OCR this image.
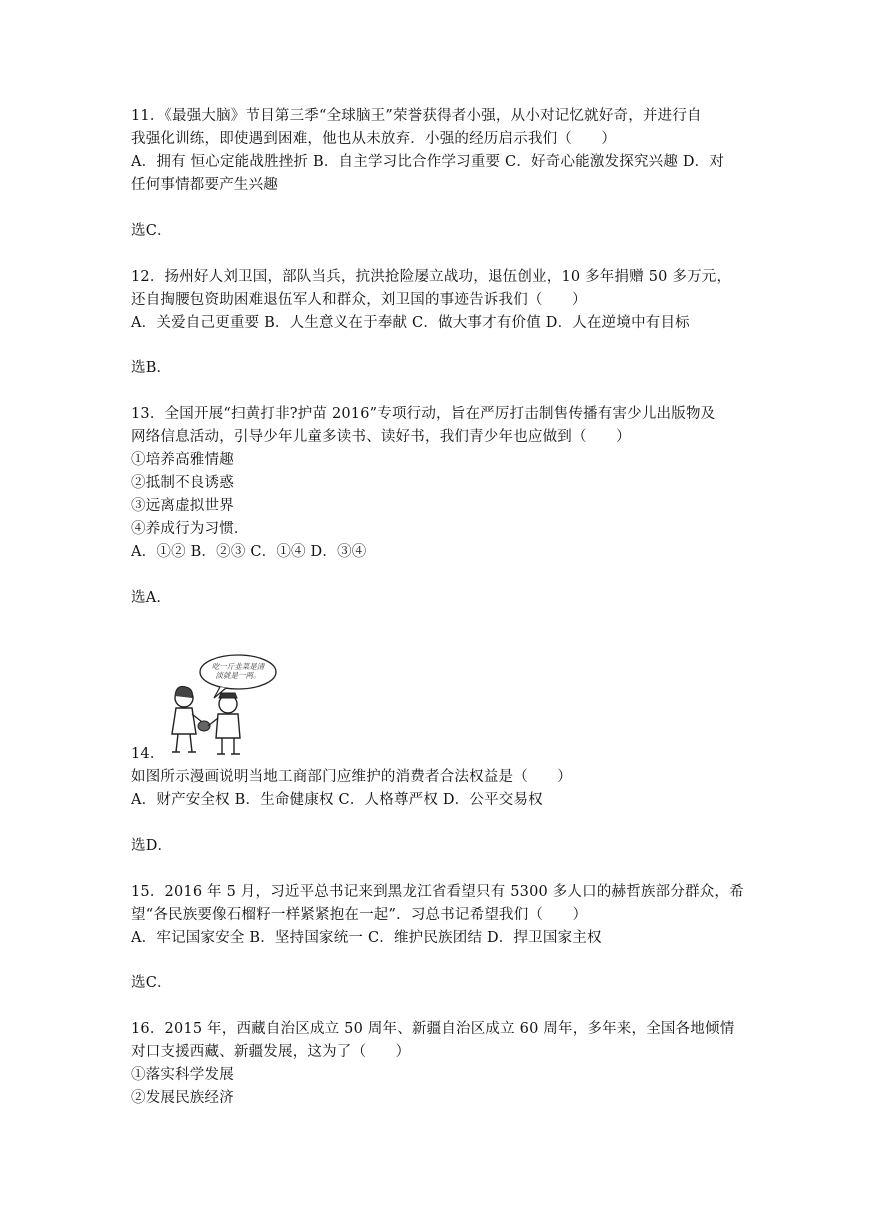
11．《最强大脑》节目第三季“全球脑王”荣誉获得者小强，从小对记忆就好奇，并进行自
我强化训练，即使遇到困难，他也从未放弃．小强的经历启示我们（　　）
A．拥有 恒心定能战胜挫折 B．自主学习比合作学习重要 C．好奇心能激发探究兴趣 D．对
任何事情都要产生兴趣
选C．
12．扬州好人刘卫国，部队当兵，抗洪抢险屡立战功，退伍创业，10 多年捐赠 50 多万元，
还自掏腰包资助困难退伍军人和群众，刘卫国的事迹告诉我们（　　）
A．关爱自己更重要 B．人生意义在于奉献 C．做大事才有价值 D．人在逆境中有目标
选B．
13．全国开展“扫黄打非?护苗 2016”专项行动，旨在严厉打击制售传播有害少儿出版物及
网络信息活动，引导少年儿童多读书、读好书，我们青少年也应做到（　　）
①培养高雅情趣
②抵制不良诱惑
③远离虚拟世界
④养成行为习惯．
A．①② B．②③ C．①④ D．③④
选A．
吃一斤韭菜是清淡就是一两。
14．
如图所示漫画说明当地工商部门应维护的消费者合法权益是（　　）
A．财产安全权 B．生命健康权 C．人格尊严权 D．公平交易权
选D．
15．2016 年 5 月，习近平总书记来到黑龙江省看望只有 5300 多人口的赫哲族部分群众，希
望“各民族要像石榴籽一样紧紧抱在一起”．习总书记希望我们（　　）
A．牢记国家安全 B．坚持国家统一 C．维护民族团结 D．捍卫国家主权
选C．
16．2015 年，西藏自治区成立 50 周年、新疆自治区成立 60 周年，多年来，全国各地倾情
对口支援西藏、新疆发展，这为了（　　）
①落实科学发展
②发展民族经济
